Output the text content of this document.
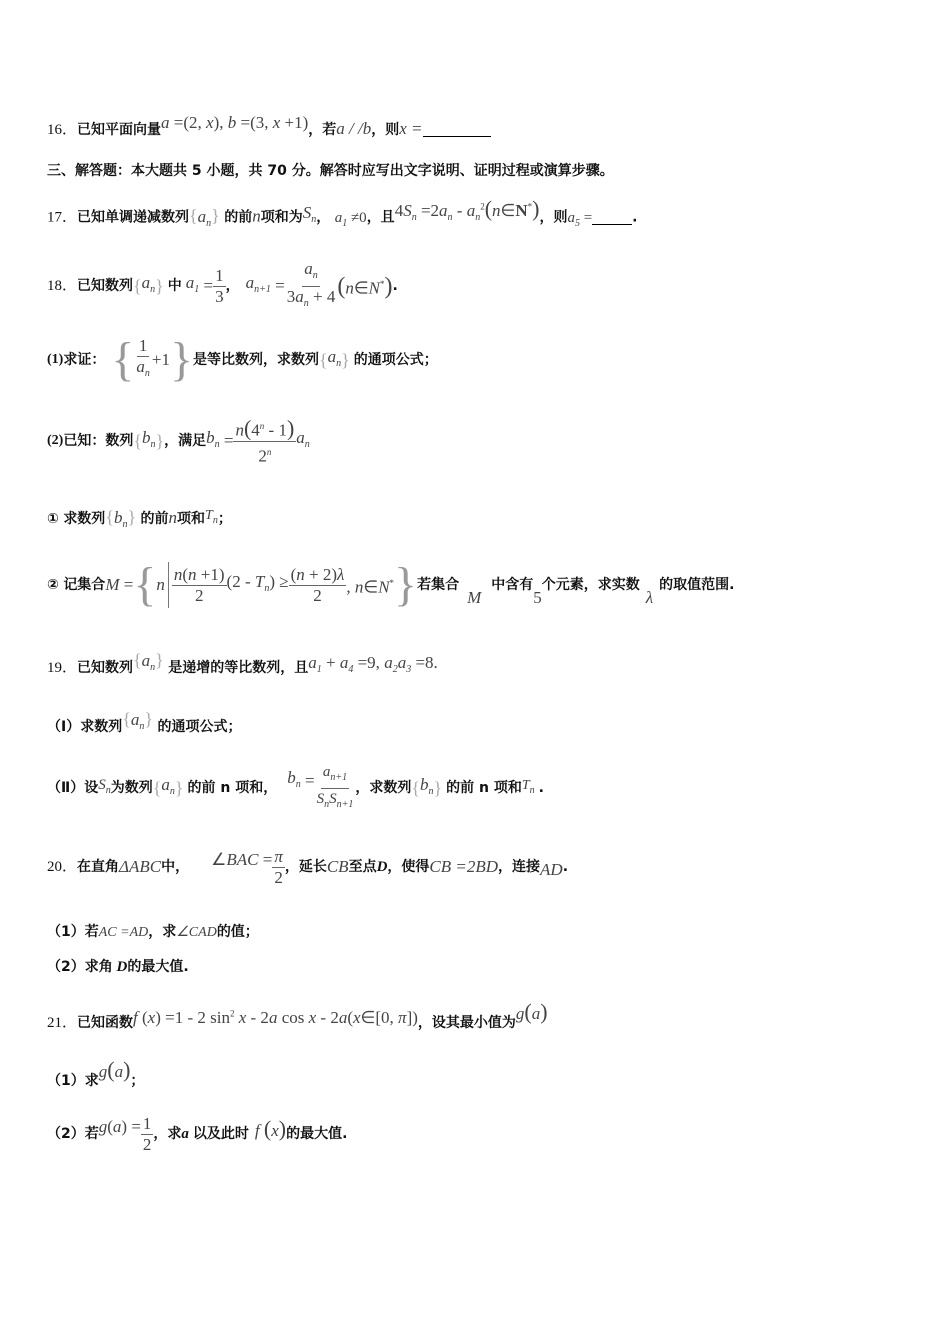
16．已知平面向量a =(2, x), b =(3, x +1)，若a / /b，则x =
三、解答题：本大题共 5 小题，共 70 分。解答时应写出文字说明、证明过程或演算步骤。
17．已知单调递减数列$\{a_n\}$ 的前n项和为$S_n$， $a_1 \ne 0$，且$4S_n =2a_n$ - $a_n^2(n\in N^*)$，则$a_5$ =	.
18． 已知数列 { $a_n$ } 中 $a_1 = \frac{1}{3}$ ， $a_{n+1} = \frac{a_n}{3a_n + 4}$ (n∈N*) .
(1) 求证： { $\frac{1}{a_n} +1$ } 是等比数列，求数列 { $a_n$ } 的通项公式；
(2) 已知：数列 { $b_n$ } ，满足 $b_n = \frac{n(4^n - 1)}{2^n} a_n$
① 求数列$\{b_n\}$ 的前n项和$T_n$；
②
记集合 M = { n $\frac{n(n +1)}{2} (2 - T_n) \ge \frac{(n + 2)\lambda}{2}$ , n∈N* } 若集合
M
中含有
5
个元素，求实数
λ
的取值范围.
19．已知数列$\{a_n\}$ 是递增的等比数列，且$a_1 + a_4 =9$, $a_2a_3 =8$.
（Ⅰ）求数列$\{a_n\}$ 的通项公式；
（Ⅱ） 设 $S_n$ 为数列 { $a_n$ } 的前 n 项和，
$b_n = \frac{a_{n+1}}{S_nS_{n+1}}$ ，求数列 { $b_n$ } 的前 n 项和 $T_n$ .
20． 在直角 ΔABC 中， ∠BAC = $\frac{\pi}{2}$ ，延长 CB 至点 D ，使得 CB =2BD ，连接 AD .
（1）若AC =AD，求∠CAD的值；
（2）求角 D的最大值.
21．已知函数f (x) =1 - 2 $\sin^2 x - 2a$ cos x - 2a(x∈[0, π])，设其最小值为g(a)
（1）求g(a)；
（2） 若 $g(a) = \frac{1}{2}$ ，求 a 以及此时 f (x) 的最大值.
